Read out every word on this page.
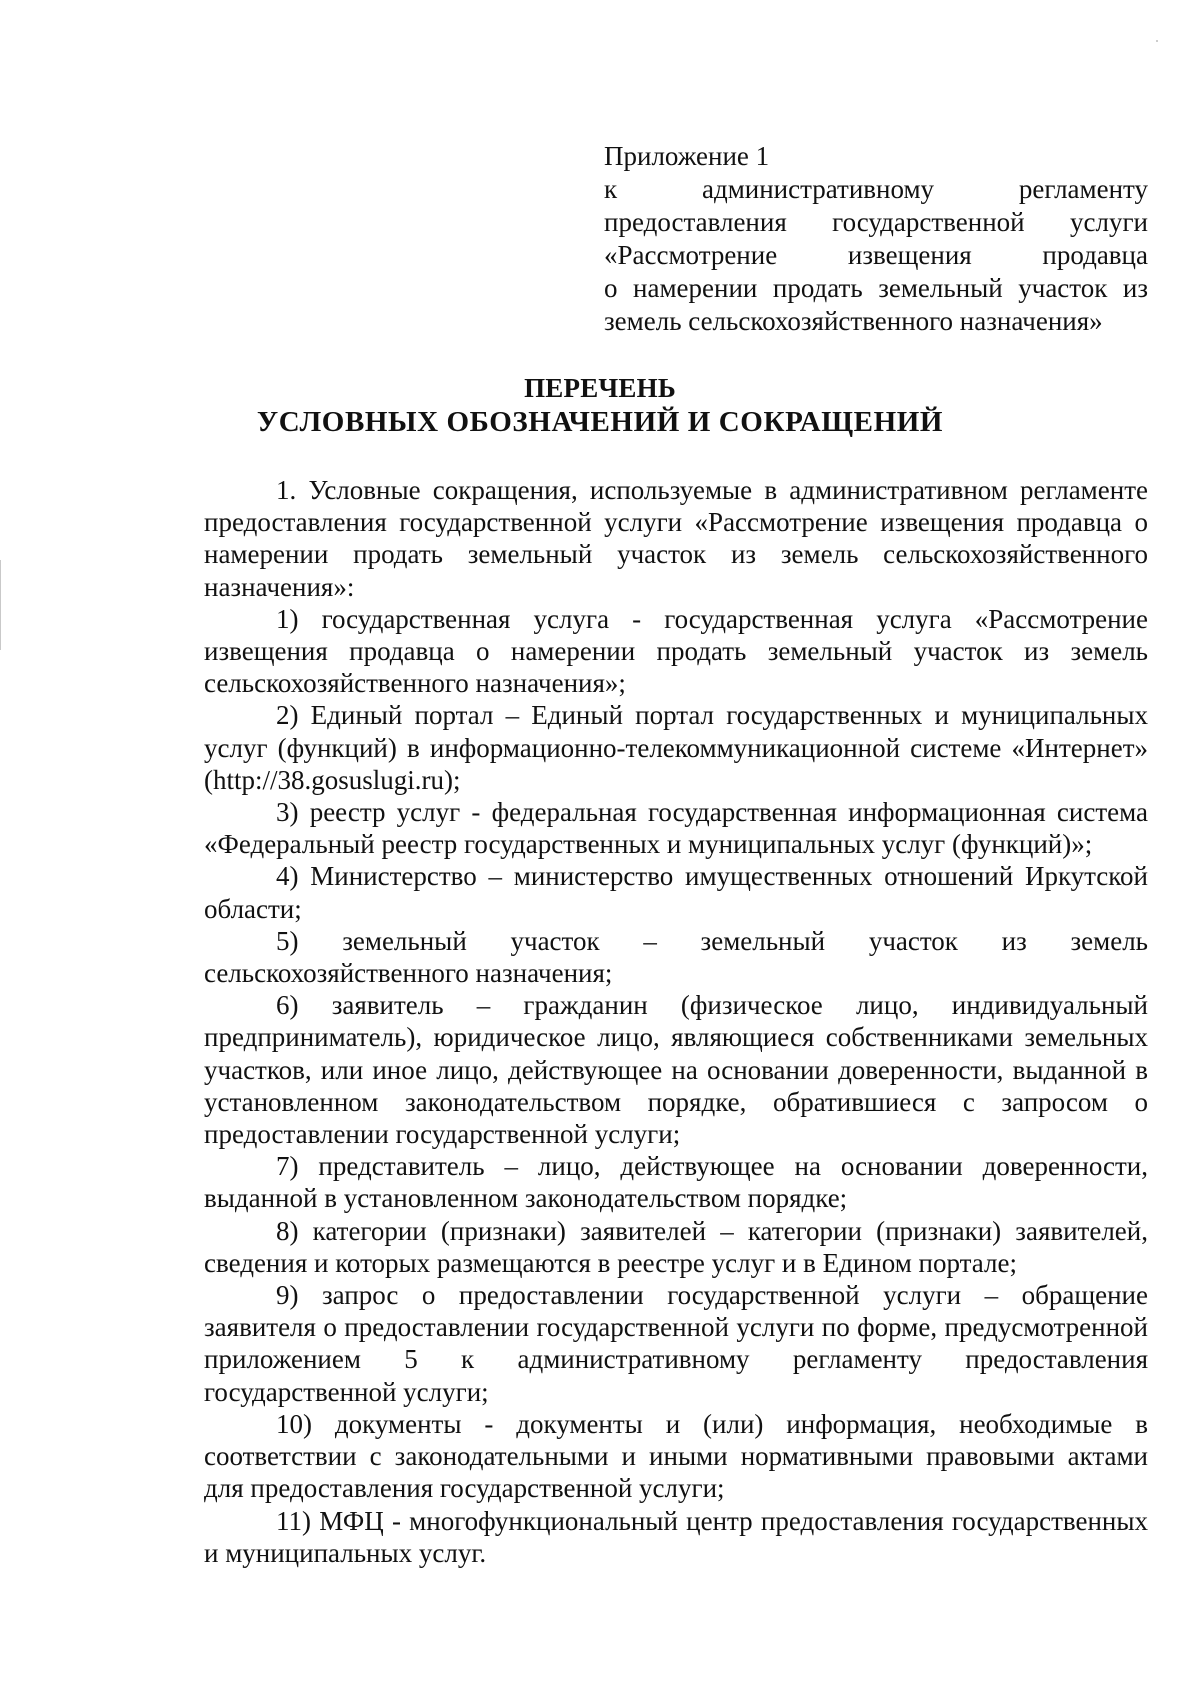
Приложение 1
к административному регламенту
предоставления государственной услуги
«Рассмотрение извещения продавца
о намерении продать земельный участок из
земель сельскохозяйственного назначения»
ПЕРЕЧЕНЬ
УСЛОВНЫХ ОБОЗНАЧЕНИЙ И СОКРАЩЕНИЙ

1. Условные сокращения, используемые в административном регламенте предоставления государственной услуги «Рассмотрение извещения продавца о намерении продать земельный участок из земель сельскохозяйственного назначения»:

1) государственная услуга - государственная услуга «Рассмотрение извещения продавца о намерении продать земельный участок из земель сельскохозяйственного назначения»;

2) Единый портал – Единый портал государственных и муниципальных услуг (функций) в информационно-телекоммуникационной системе «Интернет» (http://38.gosuslugi.ru);

3) реестр услуг - федеральная государственная информационная система «Федеральный реестр государственных и муниципальных услуг (функций)»;

4) Министерство – министерство имущественных отношений Иркутской области;

5) земельный участок – земельный участок из земель сельскохозяйственного назначения;

6) заявитель – гражданин (физическое лицо, индивидуальный предприниматель), юридическое лицо, являющиеся собственниками земельных участков, или иное лицо, действующее на основании доверенности, выданной в установленном законодательством порядке, обратившиеся с запросом о предоставлении государственной услуги;

7) представитель – лицо, действующее на основании доверенности, выданной в установленном законодательством порядке;

8) категории (признаки) заявителей – категории (признаки) заявителей, сведения и которых размещаются в реестре услуг и в Едином портале;

9) запрос о предоставлении государственной услуги – обращение заявителя о предоставлении государственной услуги по форме, предусмотренной приложением 5 к административному регламенту предоставления государственной услуги;

10) документы - документы и (или) информация, необходимые в соответствии с законодательными и иными нормативными правовыми актами для предоставления государственной услуги;

11) МФЦ - многофункциональный центр предоставления государственных и муниципальных услуг.
